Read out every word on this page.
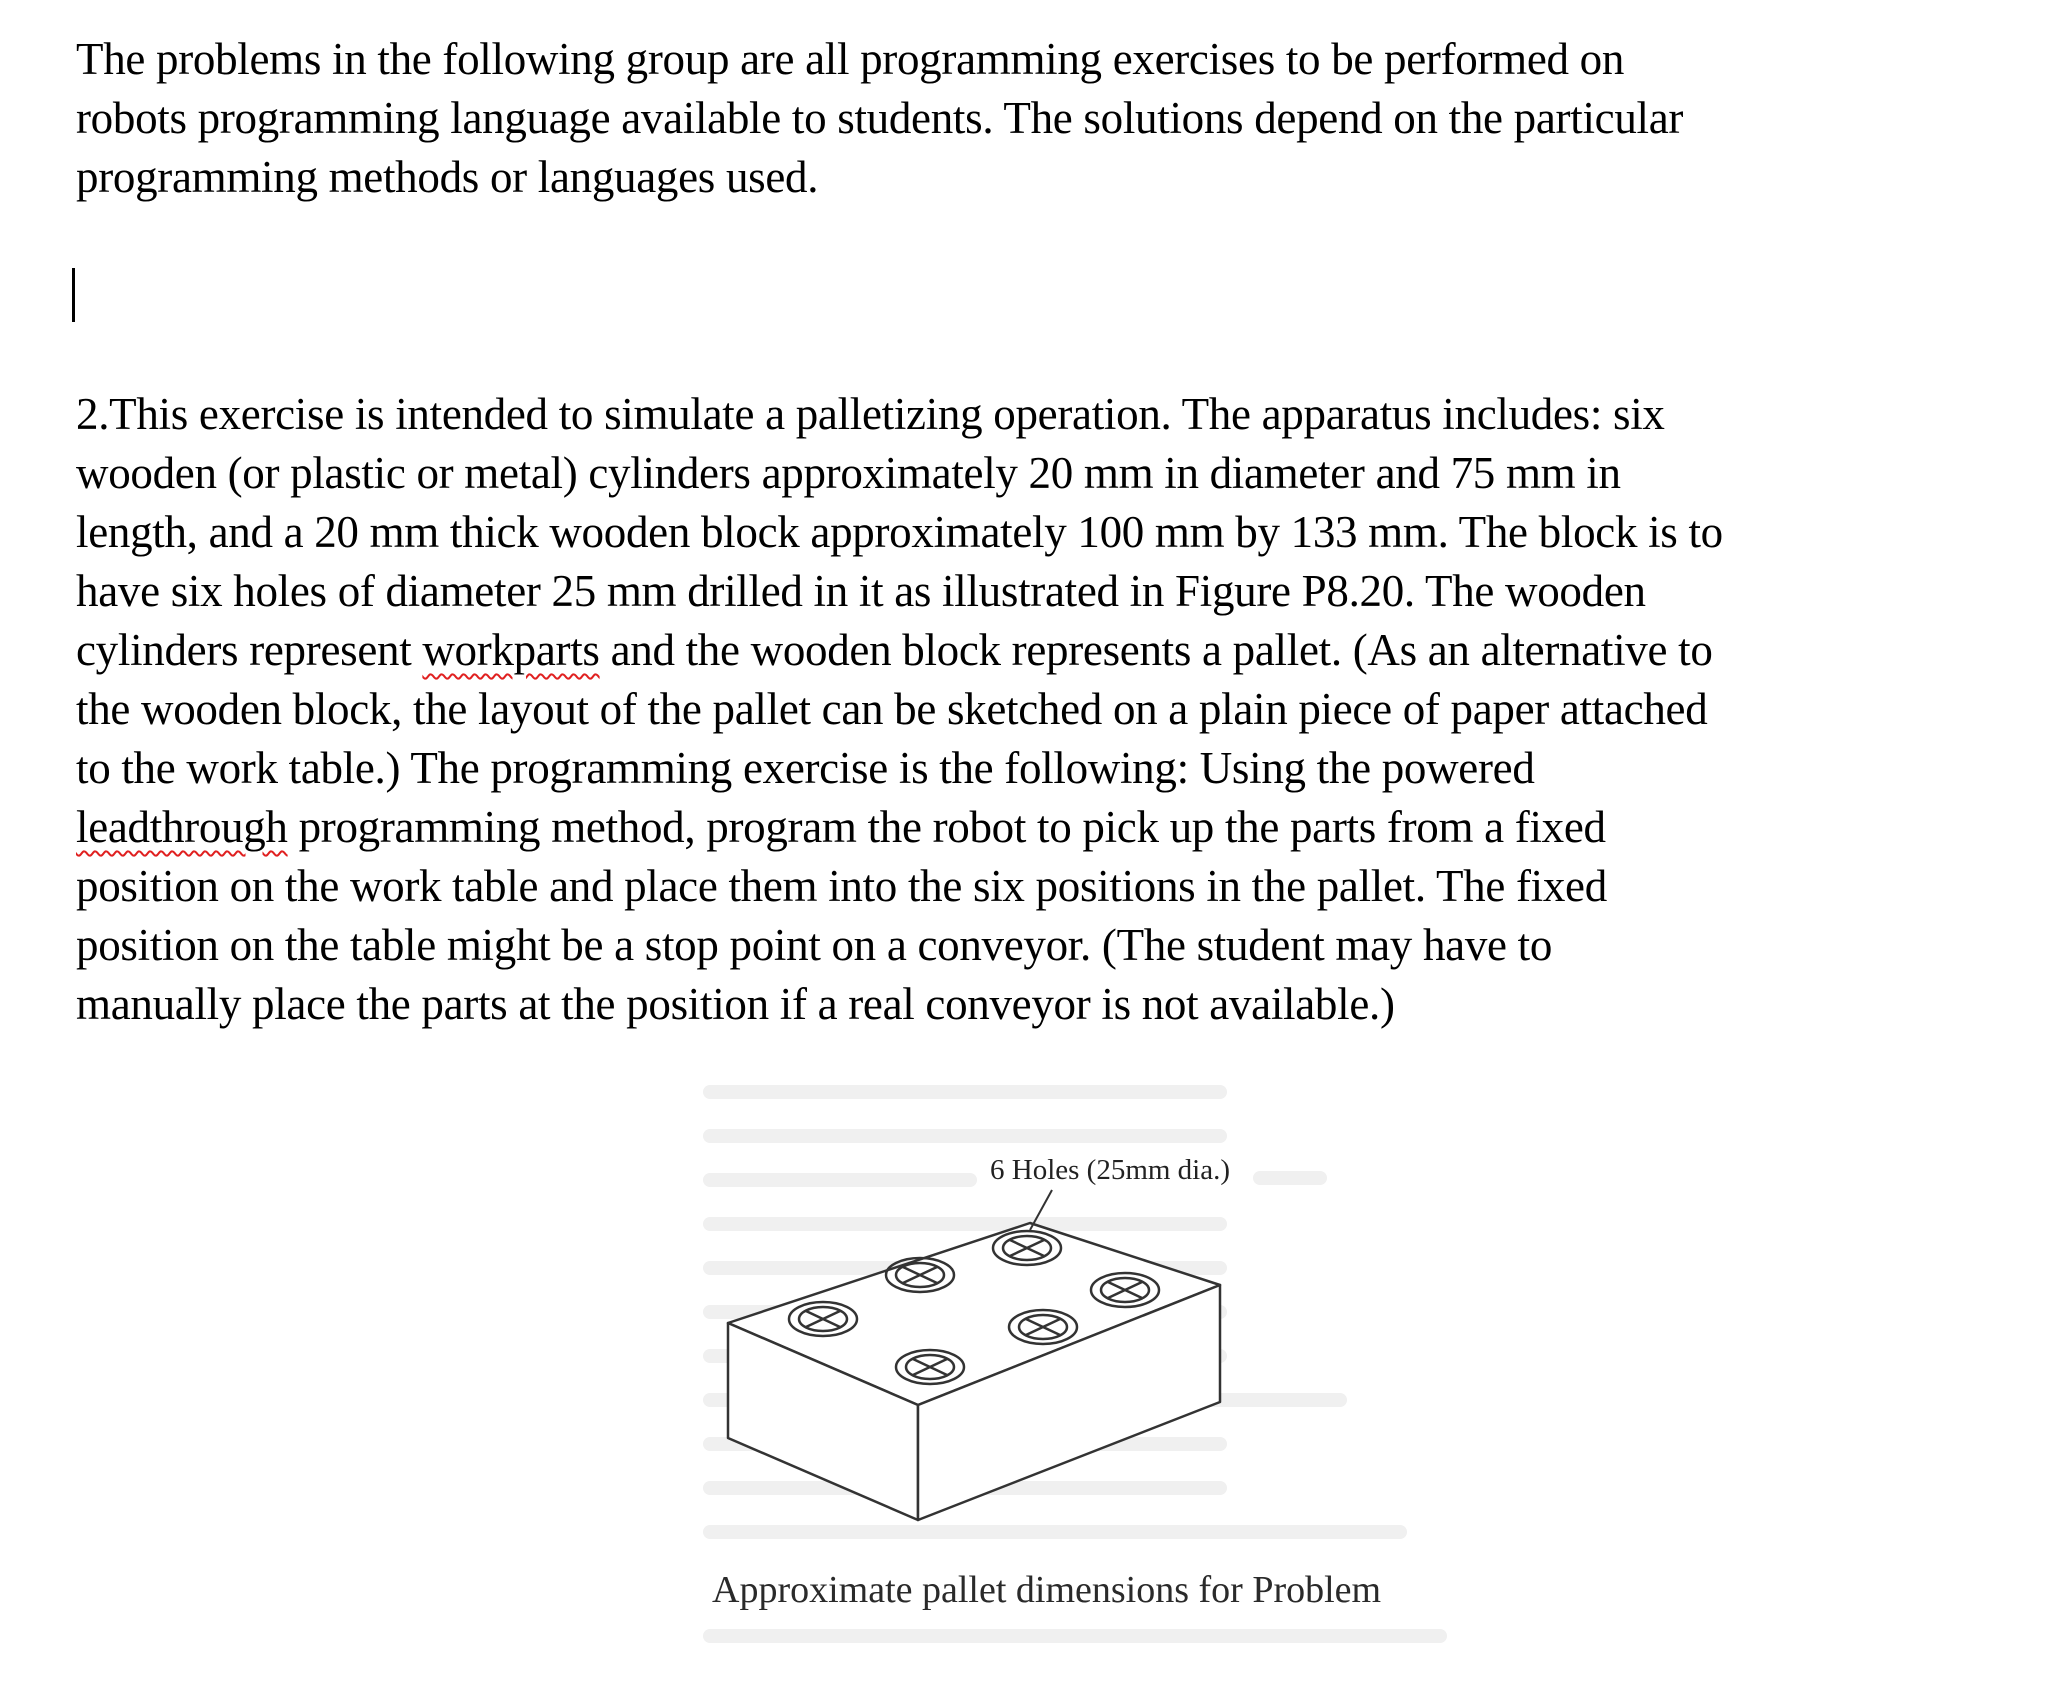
The problems in the following group are all programming exercises to be performed on
robots programming language available to students. The solutions depend on the particular
programming methods or languages used.

2.This exercise is intended to simulate a palletizing operation. The apparatus includes: six
wooden (or plastic or metal) cylinders approximately 20 mm in diameter and 75 mm in
length, and a 20 mm thick wooden block approximately 100 mm by 133 mm. The block is to
have six holes of diameter 25 mm drilled in it as illustrated in Figure P8.20. The wooden
cylinders represent workparts and the wooden block represents a pallet. (As an alternative to
the wooden block, the layout of the pallet can be sketched on a plain piece of paper attached
to the work table.) The programming exercise is the following: Using the powered
leadthrough programming method, program the robot to pick up the parts from a fixed
position on the work table and place them into the six positions in the pallet. The fixed
position on the table might be a stop point on a conveyor. (The student may have to
manually place the parts at the position if a real conveyor is not available.)

6 Holes (25mm dia.)
Approximate pallet dimensions for Problem
